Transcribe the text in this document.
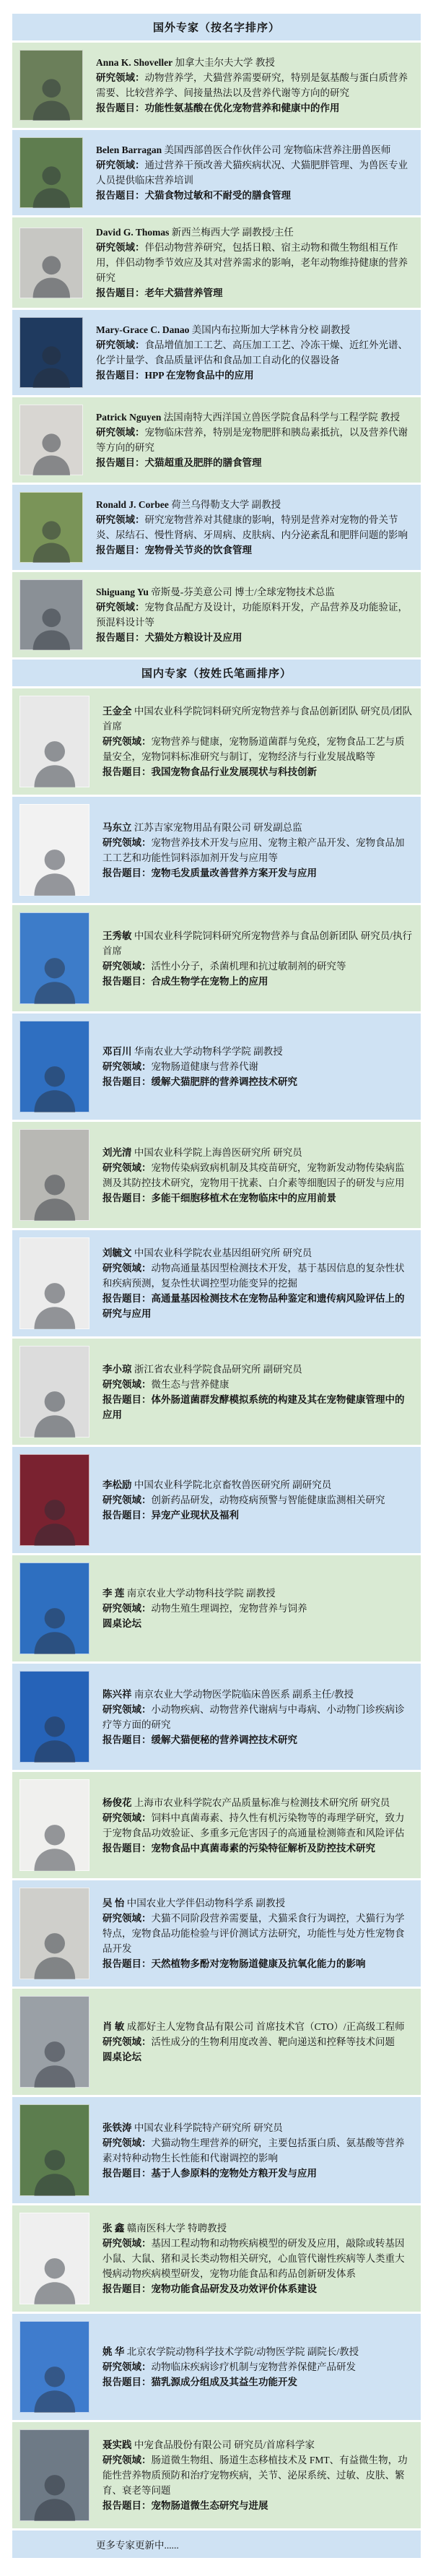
国外专家（按名字排序）
Anna K. Shoveller 加拿大圭尔夫大学 教授
研究领域：动物营养学，犬猫营养需要研究，特别是氨基酸与蛋白质营养需要、比较营养学、间接量热法以及营养代谢等方向的研究
报告题目：功能性氨基酸在优化宠物营养和健康中的作用
Belen Barragan 美国西部兽医合作伙伴公司 宠物临床营养注册兽医师
研究领域：通过营养干预改善犬猫疾病状况、犬猫肥胖管理、为兽医专业人员提供临床营养培训
报告题目：犬猫食物过敏和不耐受的膳食管理
David G. Thomas 新西兰梅西大学 副教授/主任
研究领域：伴侣动物营养研究，包括日粮、宿主动物和微生物组相互作用，伴侣动物季节效应及其对营养需求的影响，老年动物维持健康的营养研究
报告题目：老年犬猫营养管理
Mary-Grace C. Danao 美国内布拉斯加大学林肯分校 副教授
研究领域：食品增值加工工艺、高压加工工艺、冷冻干燥、近红外光谱、化学计量学、食品质量评估和食品加工自动化的仪器设备
报告题目：HPP 在宠物食品中的应用
Patrick Nguyen 法国南特大西洋国立兽医学院食品科学与工程学院 教授
研究领域：宠物临床营养，特别是宠物肥胖和胰岛素抵抗，以及营养代谢等方向的研究
报告题目：犬猫超重及肥胖的膳食管理
Ronald J. Corbee 荷兰乌得勒支大学 副教授
研究领域：研究宠物营养对其健康的影响，特别是营养对宠物的骨关节炎、尿结石、慢性肾病、牙周病、皮肤病、内分泌紊乱和肥胖问题的影响
报告题目：宠物骨关节炎的饮食管理
Shiguang Yu 帝斯曼-芬美意公司 博士/全球宠物技术总监
研究领域：宠物食品配方及设计，功能原料开发，产品营养及功能验证，预混料设计等
报告题目：犬猫处方粮设计及应用
国内专家（按姓氏笔画排序）
王金全 中国农业科学院饲料研究所宠物营养与食品创新团队 研究员/团队首席
研究领域：宠物营养与健康，宠物肠道菌群与免疫，宠物食品工艺与质量安全，宠物饲料标准研究与制订，宠物经济与行业发展战略等
报告题目：我国宠物食品行业发展现状与科技创新
马东立 江苏吉家宠物用品有限公司 研发副总监
研究领域：宠物营养技术开发与应用、宠物主粮产品开发、宠物食品加工工艺和功能性饲料添加剂开发与应用等
报告题目：宠物毛发质量改善营养方案开发与应用
王秀敏 中国农业科学院饲料研究所宠物营养与食品创新团队 研究员/执行首席
研究领域：活性小分子，杀菌机理和抗过敏制剂的研究等
报告题目：合成生物学在宠物上的应用
邓百川 华南农业大学动物科学学院 副教授
研究领域：宠物肠道健康与营养代谢
报告题目：缓解犬猫肥胖的营养调控技术研究
刘光清 中国农业科学院上海兽医研究所 研究员
研究领域：宠物传染病致病机制及其疫苗研究，宠物新发动物传染病监测及其防控技术研究，宠物用干扰素、白介素等细胞因子的研发与应用
报告题目：多能干细胞移植术在宠物临床中的应用前景
刘毓文 中国农业科学院农业基因组研究所 研究员
研究领域：动物高通量基因型检测技术开发，基于基因信息的复杂性状和疾病预测，复杂性状调控型功能变异的挖掘
报告题目：高通量基因检测技术在宠物品种鉴定和遗传病风险评估上的研究与应用
李小琼 浙江省农业科学院食品研究所 副研究员
研究领域：微生态与营养健康
报告题目：体外肠道菌群发酵模拟系统的构建及其在宠物健康管理中的应用
李松励 中国农业科学院北京畜牧兽医研究所 副研究员
研究领域：创新药品研发，动物疫病预警与智能健康监测相关研究
报告题目：异宠产业现状及福利
李 莲 南京农业大学动物科技学院 副教授
研究领域：动物生殖生理调控，宠物营养与饲养
圆桌论坛
陈兴祥 南京农业大学动物医学院临床兽医系 副系主任/教授
研究领域：小动物疾病、动物营养代谢病与中毒病、小动物门诊疾病诊疗等方面的研究
报告题目：缓解犬猫便秘的营养调控技术研究
杨俊花 上海市农业科学院农产品质量标准与检测技术研究所 研究员
研究领域：饲料中真菌毒素、持久性有机污染物等的毒理学研究，致力于宠物食品功效验证、多重多元危害因子的高通量检测筛查和风险评估
报告题目：宠物食品中真菌毒素的污染特征解析及防控技术研究
吴 怡 中国农业大学伴侣动物科学系 副教授
研究领域：犬猫不同阶段营养需要量，犬猫采食行为调控，犬猫行为学特点，宠物食品功能检验与评价测试方法研究，功能性与处方性宠物食品开发
报告题目：天然植物多酚对宠物肠道健康及抗氧化能力的影响
肖 敏 成都好主人宠物食品有限公司 首席技术官（CTO）/正高级工程师
研究领域：活性成分的生物利用度改善、靶向递送和控释等技术问题
圆桌论坛
张铁涛 中国农业科学院特产研究所 研究员
研究领域：犬猫动物生理营养的研究，主要包括蛋白质、氨基酸等营养素对特种动物生长性能和代谢调控的影响
报告题目：基于人参原料的宠物处方粮开发与应用
张 鑫 赣南医科大学 特聘教授
研究领域：基因工程动物和动物疾病模型的研发及应用，敲除或转基因小鼠、大鼠、猪和灵长类动物相关研究，心血管代谢性疾病等人类重大慢病动物疾病模型研发，宠物功能食品和药品创新研发体系
报告题目：宠物功能食品研发及功效评价体系建设
姚 华 北京农学院动物科学技术学院/动物医学院 副院长/教授
研究领域：动物临床疾病诊疗机制与宠物营养保健产品研发
报告题目：猫乳源成分组成及其益生功能开发
聂实践 中宠食品股份有限公司 研究员/首席科学家
研究领域：肠道微生物组、肠道生态移植技术及 FMT、有益微生物，功能性营养物质预防和治疗宠物疾病，关节、泌尿系统、过敏、皮肤、繁育、衰老等问题
报告题目：宠物肠道微生态研究与进展
更多专家更新中......
